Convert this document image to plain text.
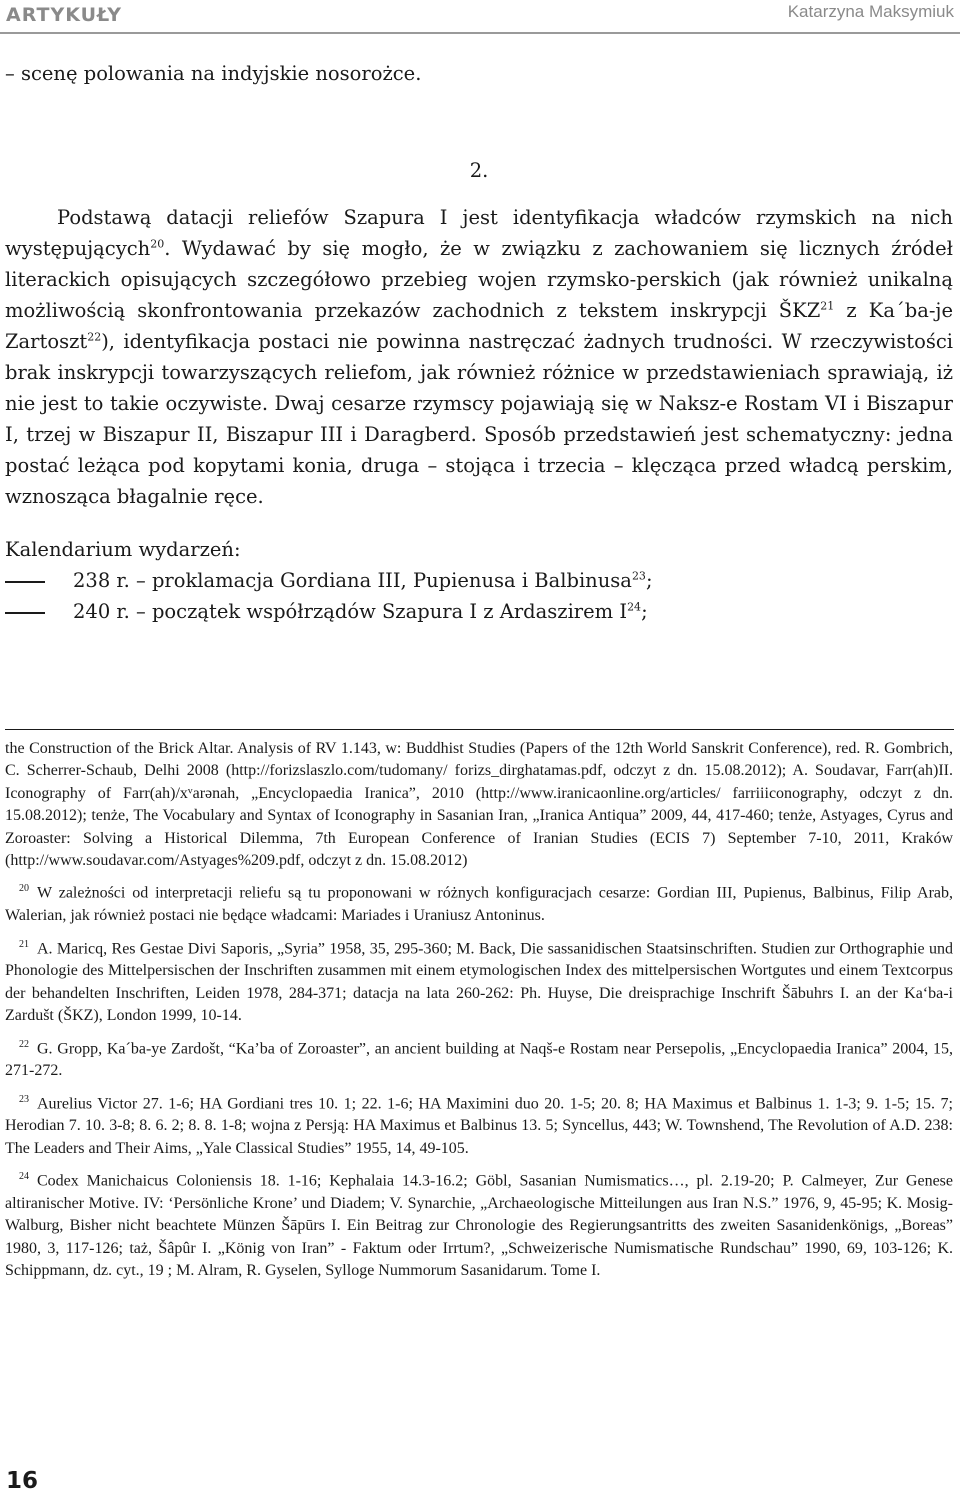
ARTYKUŁY	Katarzyna Maksymiuk

– scenę polowania na indyjskie nosorożce.

2.

Podstawą datacji reliefów Szapura I jest identyfikacja władców rzymskich na nich występujących$^{20}$. Wydawać by się mogło, że w związku z zachowaniem się licznych źródeł literackich opisujących szczegółowo przebieg wojen rzymsko-perskich (jak również unikalną możliwością skonfrontowania przekazów zachodnich z tekstem inskrypcji ŠKZ$^{21}$ z Ka´ba-je Zartoszt$^{22}$), identyfikacja postaci nie powinna nastręczać żadnych trudności. W rzeczywistości brak inskrypcji towarzyszących reliefom, jak również różnice w przedstawieniach sprawiają, iż nie jest to takie oczywiste. Dwaj cesarze rzymscy pojawiają się w Naksz-e Rostam VI i Biszapur I, trzej w Biszapur II, Biszapur III i Daragberd. Sposób przedstawień jest schematyczny: jedna postać leżąca pod kopytami konia, druga – stojąca i trzecia – klęcząca przed władcą perskim, wznosząca błagalnie ręce.

Kalendarium wydarzeń:

238 r. – proklamacja Gordiana III, Pupienusa i Balbinusa$^{23}$;
240 r. – początek współrządów Szapura I z Ardaszirem $I^{24}$;

the Construction of the Brick Altar. Analysis of RV 1.143, w: Buddhist Studies (Papers of the 12th World Sanskrit Conference), red. R. Gombrich, C. Scherrer-Schaub, Delhi 2008 (http://forizslaszlo.com/tudomany/ forizs_dirghatamas.pdf, odczyt z dn. 15.08.2012); A. Soudavar, Farr(ah)II. Iconography of Farr(ah)/xᵛarənah, „Encyclopaedia Iranica”, 2010 (http://www.iranicaonline.org/articles/ farriiiconography, odczyt z dn. 15.08.2012); tenże, The Vocabulary and Syntax of Iconography in Sasanian Iran, „Iranica Antiqua” 2009, 44, 417-460; tenże, Astyages, Cyrus and Zoroaster: Solving a Historical Dilemma, 7th European Conference of Iranian Studies (ECIS 7) September 7-10, 2011, Kraków (http://www.soudavar.com/Astyages%209.pdf, odczyt z dn. 15.08.2012)

$^{20}$ W zależności od interpretacji reliefu są tu proponowani w różnych konfiguracjach cesarze: Gordian III, Pupienus, Balbinus, Filip Arab, Walerian, jak również postaci nie będące władcami: Mariades i Uraniusz Antoninus.

$^{21}$ A. Maricq, Res Gestae Divi Saporis, „Syria” 1958, 35, 295-360; M. Back, Die sassanidischen Staatsinschriften. Studien zur Orthographie und Phonologie des Mittelpersischen der Inschriften zusammen mit einem etymologischen Index des mittelpersischen Wortgutes und einem Textcorpus der behandelten Inschriften, Leiden 1978, 284-371; datacja na lata 260-262: Ph. Huyse, Die dreisprachige Inschrift Šābuhrs I. an der Ka‘ba-i Zardušt (ŠKZ), London 1999, 10-14.

$^{22}$ G. Gropp, Ka´ba-ye Zardošt, “Ka’ba of Zoroaster”, an ancient building at Naqš-e Rostam near Persepolis, „Encyclopaedia Iranica” 2004, 15, 271-272.

$^{23}$ Aurelius Victor 27. 1-6; HA Gordiani tres 10. 1; 22. 1-6; HA Maximini duo 20. 1-5; 20. 8; HA Maximus et Balbinus 1. 1-3; 9. 1-5; 15. 7; Herodian 7. 10. 3-8; 8. 6. 2; 8. 8. 1-8; wojna z Persją: HA Maximus et Balbinus 13. 5; Syncellus, 443; W. Townshend, The Revolution of A.D. 238: The Leaders and Their Aims, „Yale Classical Studies” 1955, 14, 49-105.

$^{24}$ Codex Manichaicus Coloniensis 18. 1-16; Kephalaia 14.3-16.2; Göbl, Sasanian Numismatics…, pl. 2.19-20; P. Calmeyer, Zur Genese altiranischer Motive. IV: ‘Persönliche Krone’ und Diadem; V. Synarchie, „Archaeologische Mitteilungen aus Iran N.S.” 1976, 9, 45-95; K. Mosig-Walburg, Bisher nicht beachtete Münzen Šāpūrs I. Ein Beitrag zur Chronologie des Regierungsantritts des zweiten Sasanidenkönigs, „Boreas” 1980, 3, 117-126; taż, Šâpûr I. „König von Iran” - Faktum oder Irrtum?, „Schweizerische Numismatische Rundschau” 1990, 69, 103-126; K. Schippmann, dz. cyt., 19 ; M. Alram, R. Gyselen, Sylloge Nummorum Sasanidarum. Tome I.

16
